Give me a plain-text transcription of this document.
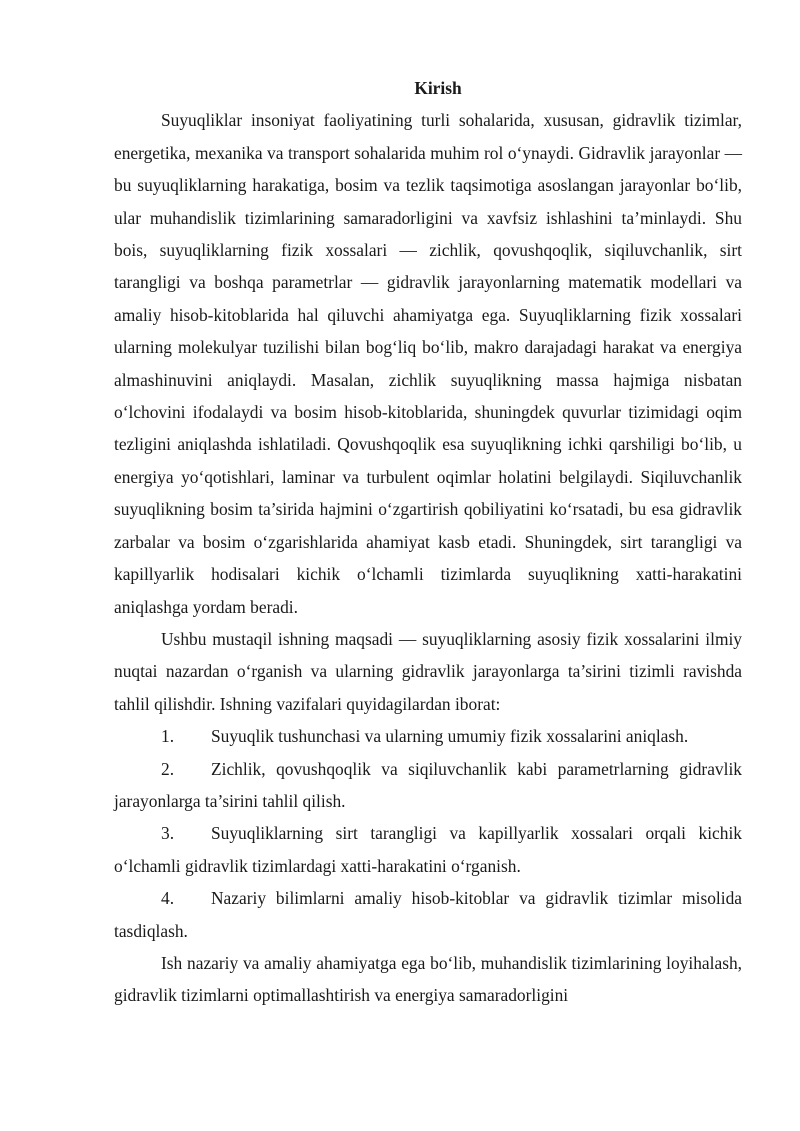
Kirish

Suyuqliklar insoniyat faoliyatining turli sohalarida, xususan, gidravlik tizimlar, energetika, mexanika va transport sohalarida muhim rol o‘ynaydi. Gidravlik jarayonlar — bu suyuqliklarning harakatiga, bosim va tezlik taqsimotiga asoslangan jarayonlar bo‘lib, ular muhandislik tizimlarining samaradorligini va xavfsiz ishlashini ta’minlaydi. Shu bois, suyuqliklarning fizik xossalari — zichlik, qovushqoqlik, siqiluvchanlik, sirt tarangligi va boshqa parametrlar — gidravlik jarayonlarning matematik modellari va amaliy hisob-kitoblarida hal qiluvchi ahamiyatga ega. Suyuqliklarning fizik xossalari ularning molekulyar tuzilishi bilan bog‘liq bo‘lib, makro darajadagi harakat va energiya almashinuvini aniqlaydi. Masalan, zichlik suyuqlikning massa hajmiga nisbatan o‘lchovini ifodalaydi va bosim hisob-kitoblarida, shuningdek quvurlar tizimidagi oqim tezligini aniqlashda ishlatiladi. Qovushqoqlik esa suyuqlikning ichki qarshiligi bo‘lib, u energiya yo‘qotishlari, laminar va turbulent oqimlar holatini belgilaydi. Siqiluvchanlik suyuqlikning bosim ta’sirida hajmini o‘zgartirish qobiliyatini ko‘rsatadi, bu esa gidravlik zarbalar va bosim o‘zgarishlarida ahamiyat kasb etadi. Shuningdek, sirt tarangligi va kapillyarlik hodisalari kichik o‘lchamli tizimlarda suyuqlikning xatti-harakatini aniqlashga yordam beradi.

Ushbu mustaqil ishning maqsadi — suyuqliklarning asosiy fizik xossalarini ilmiy nuqtai nazardan o‘rganish va ularning gidravlik jarayonlarga ta’sirini tizimli ravishda tahlil qilishdir. Ishning vazifalari quyidagilardan iborat:

1. Suyuqlik tushunchasi va ularning umumiy fizik xossalarini aniqlash.

2. Zichlik, qovushqoqlik va siqiluvchanlik kabi parametrlarning gidravlik jarayonlarga ta’sirini tahlil qilish.

3. Suyuqliklarning sirt tarangligi va kapillyarlik xossalari orqali kichik o‘lchamli gidravlik tizimlardagi xatti-harakatini o‘rganish.

4. Nazariy bilimlarni amaliy hisob-kitoblar va gidravlik tizimlar misolida tasdiqlash.

Ish nazariy va amaliy ahamiyatga ega bo‘lib, muhandislik tizimlarining loyihalash, gidravlik tizimlarni optimallashtirish va energiya samaradorligini
